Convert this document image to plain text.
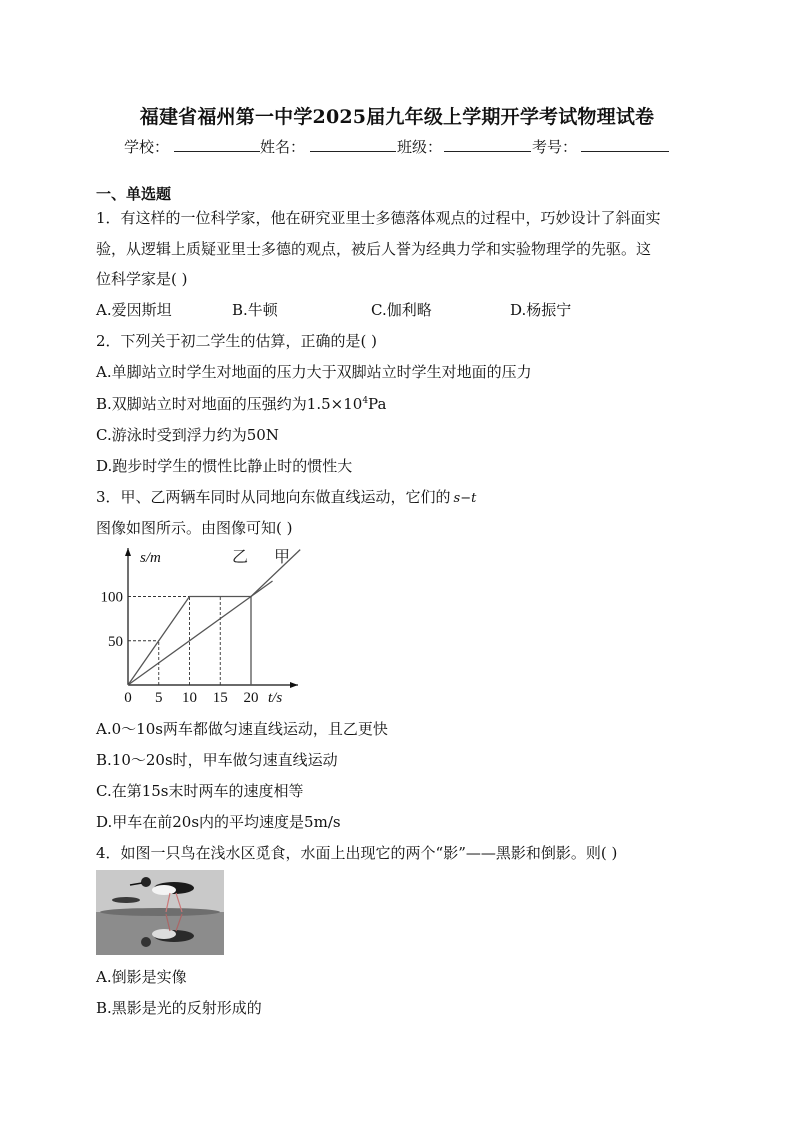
福建省福州第一中学2025届九年级上学期开学考试物理试卷
学校：	姓名：	班级：	考号：
一、单选题
1．有这样的一位科学家，他在研究亚里士多德落体观点的过程中，巧妙设计了斜面实
验，从逻辑上质疑亚里士多德的观点，被后人誉为经典力学和实验物理学的先驱。这
位科学家是( )
A.爱因斯坦	B.牛顿	C.伽利略	D.杨振宁
2．下列关于初二学生的估算，正确的是( )
A.单脚站立时学生对地面的压力大于双脚站立时学生对地面的压力
B.双脚站立时对地面的压强约为$1.5\times 10^4Pa$
C.游泳时受到浮力约为50N
D.跑步时学生的惯性比静止时的惯性大
3．甲、乙两辆车同时从同地向东做直线运动，它们的 s−t
图像如图所示。由图像可知( )
0 5 10 15 20
50
100
t/s
s/m	乙 甲
A.0～10s两车都做匀速直线运动，且乙更快
B.10～20s时，甲车做匀速直线运动
C.在第15s末时两车的速度相等
D.甲车在前20s内的平均速度是5m/s
4．如图一只鸟在浅水区觅食，水面上出现它的两个“影”——黑影和倒影。则( )
A.倒影是实像
B.黑影是光的反射形成的
